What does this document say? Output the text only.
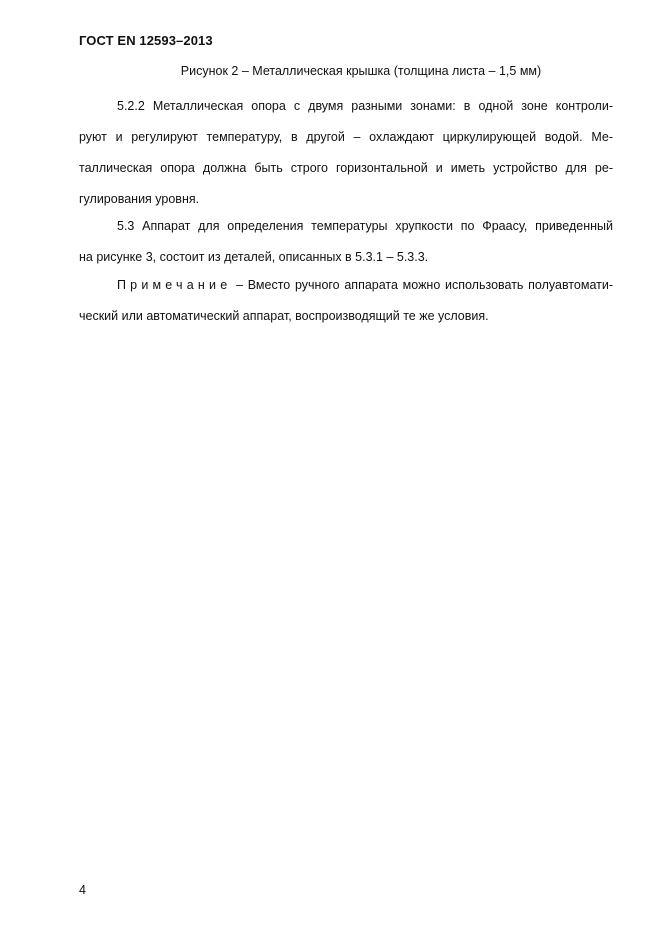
ГОСТ EN 12593–2013
Рисунок 2 – Металлическая крышка (толщина листа – 1,5 мм)
5.2.2 Металлическая опора с двумя разными зонами: в одной зоне контроли-
руют и регулируют температуру, в другой – охлаждают циркулирующей водой. Ме-
таллическая опора должна быть строго горизонтальной и иметь устройство для ре-
гулирования уровня.
5.3 Аппарат для определения температуры хрупкости по Фраасу, приведенный
на рисунке 3, состоит из деталей, описанных в 5.3.1 – 5.3.3.
Примечание – Вместо ручного аппарата можно использовать полуавтомати-
ческий или автоматический аппарат, воспроизводящий те же условия.
4
